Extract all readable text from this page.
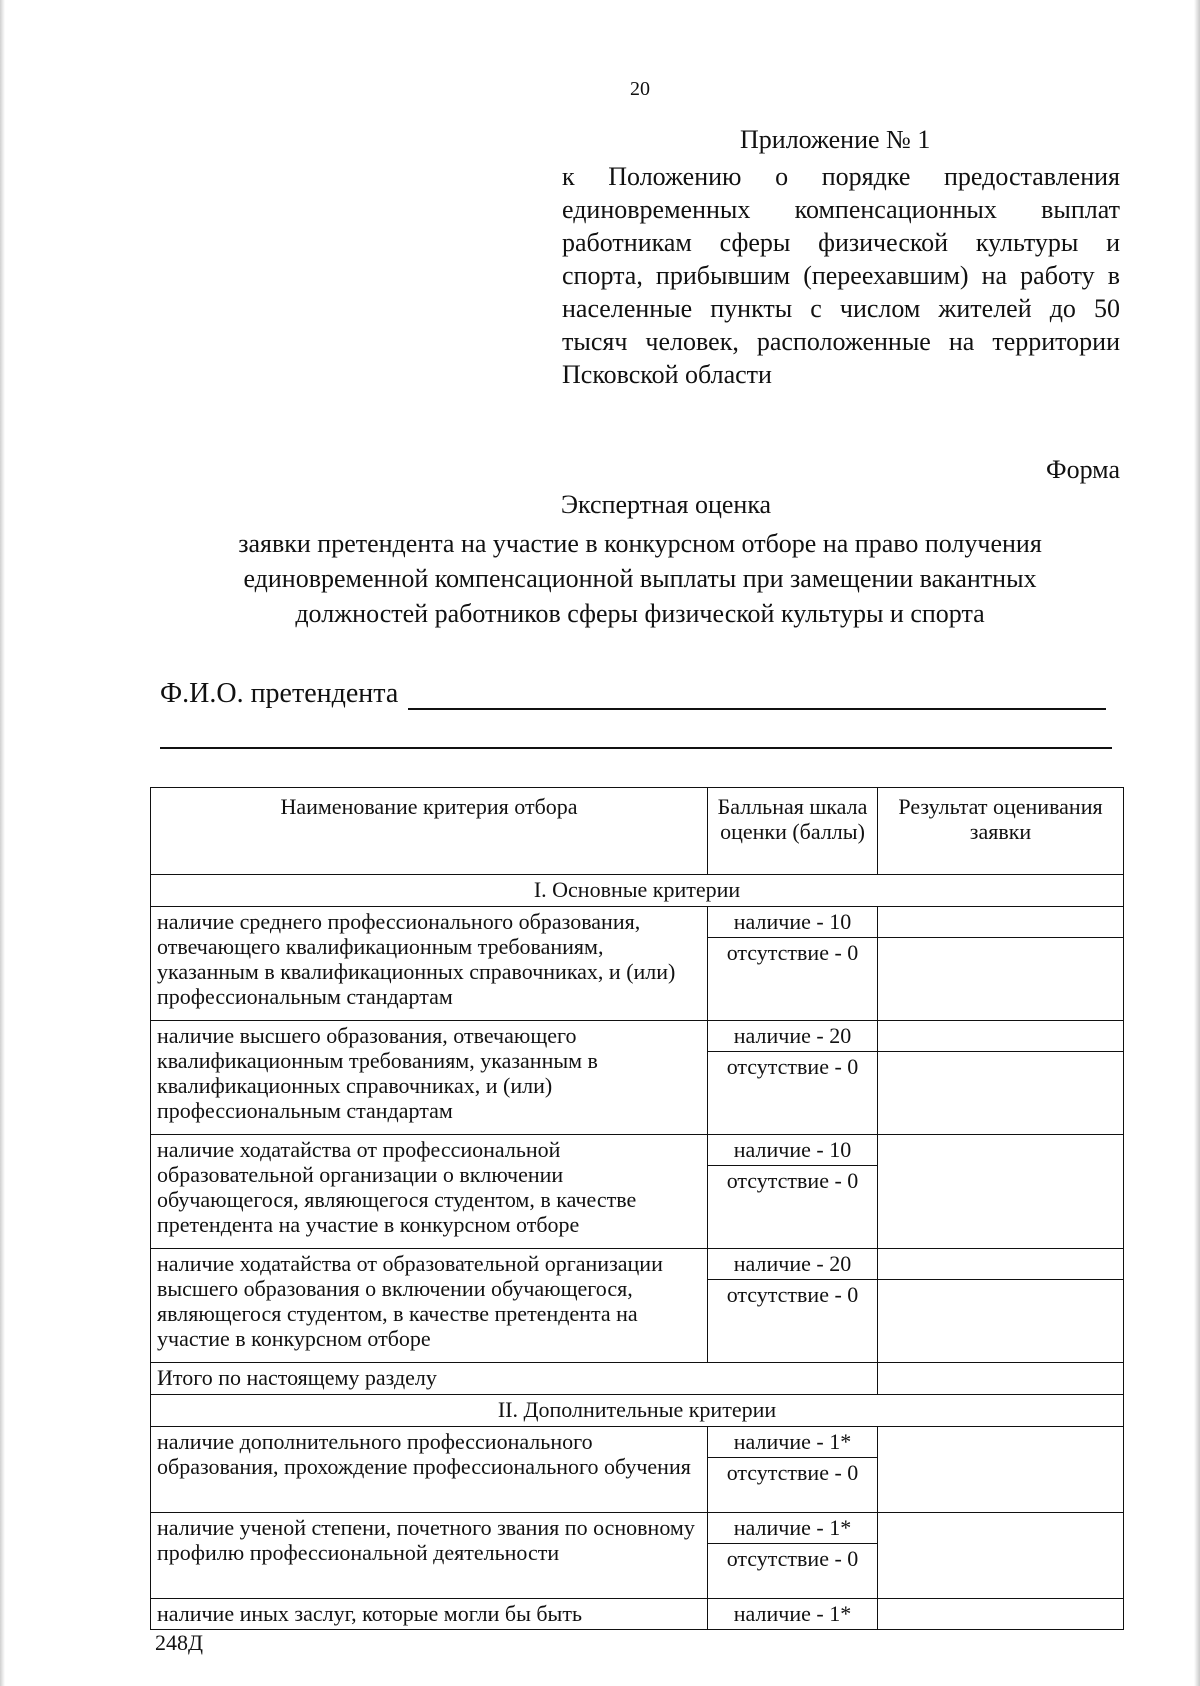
20
Приложение № 1
к Положению о порядке предоставления единовременных компенсационных выплат работникам сферы физической культуры и спорта, прибывшим (переехавшим) на работу в населенные пункты с числом жителей до 50 тысяч человек, расположенные на территории Псковской области
Форма
Экспертная оценка
заявки претендента на участие в конкурсном отборе на право получения единовременной компенсационной выплаты при замещении вакантных должностей работников сферы физической культуры и спорта
Ф.И.О. претендента
Наименование критерия отбора	Балльная шкала оценки (баллы)	Результат оценивания заявки
I. Основные критерии		
наличие среднего профессионального образования, отвечающего квалификационным требованиям, указанным в квалификационных справочниках, и (или) профессиональным стандартам	наличие - 10	
	отсутствие - 0	
наличие высшего образования, отвечающего квалификационным требованиям, указанным в квалификационных справочниках, и (или) профессиональным стандартам	наличие - 20	
	отсутствие - 0	
наличие ходатайства от профессиональной образовательной организации о включении обучающегося, являющегося студентом, в качестве претендента на участие в конкурсном отборе	наличие - 10	
	отсутствие - 0	
наличие ходатайства от образовательной организации высшего образования о включении обучающегося, являющегося студентом, в качестве претендента на участие в конкурсном отборе	наличие - 20	
	отсутствие - 0	
Итого по настоящему разделу		
II. Дополнительные критерии		
наличие дополнительного профессионального образования, прохождение профессионального обучения	наличие - 1*	
	отсутствие - 0	
наличие ученой степени, почетного звания по основному профилю профессиональной деятельности	наличие - 1*	
	отсутствие - 0	
наличие иных заслуг, которые могли бы быть	наличие - 1*	
248Д
